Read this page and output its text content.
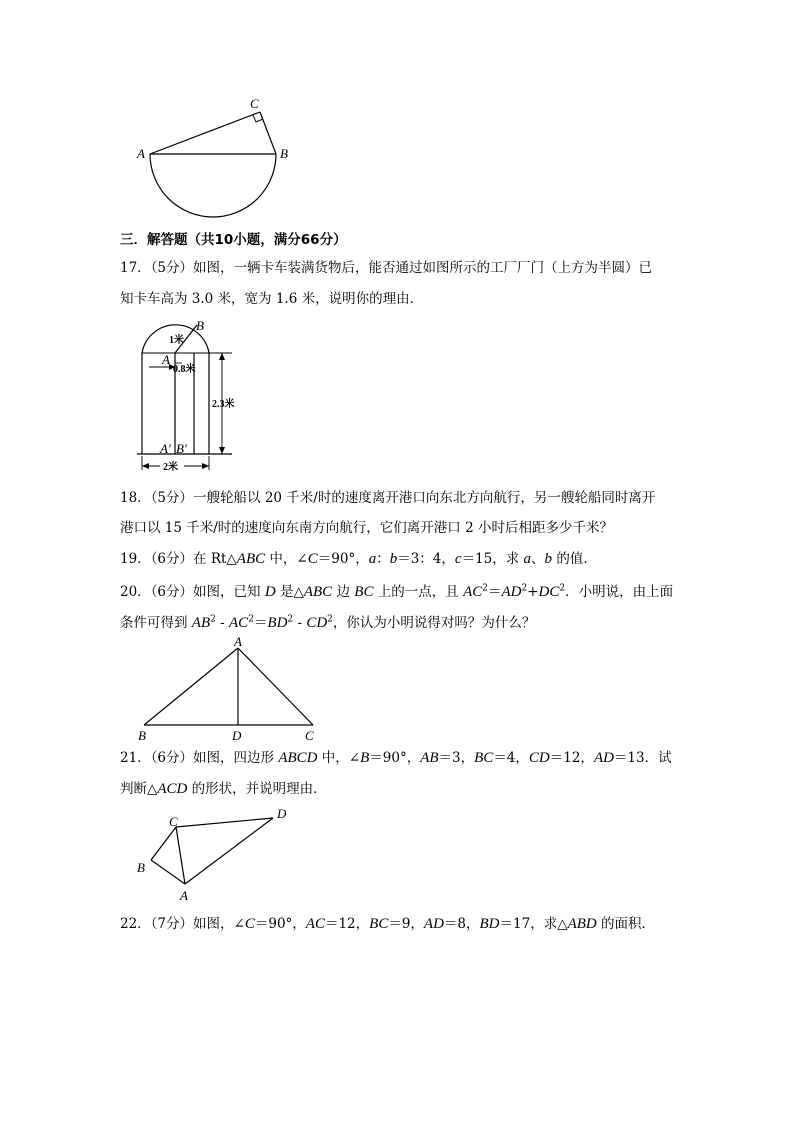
A	B
C
三．解答题（共10小题，满分66分）
17．（5分）如图，一辆卡车装满货物后，能否通过如图所示的工厂厂门（上方为半圆）已
知卡车高为 3.0 米，宽为 1.6 米，说明你的理由．
B
A
A′ B′
1米
0.8米
2.3米
2米
18．（5分）一艘轮船以 20 千米/时的速度离开港口向东北方向航行，另一艘轮船同时离开
港口以 15 千米/时的速度向东南方向航行，它们离开港口 2 小时后相距多少千米？
19．（6分）在 Rt△ABC 中，∠C＝90°，a：b＝3：4，c＝15，求 a、b 的值．
20．（6分）如图，已知 D 是△ABC 边 BC 上的一点，且 $AC^2=AD^2+DC^2$．小明说，由上面
条件可得到 $AB^2 - AC^2=BD^2 - CD^2$，你认为小明说得对吗？为什么？
A
B	D	C
21．（6分）如图，四边形 ABCD 中，∠B＝90°，AB＝3，BC＝4，CD＝12，AD＝13．试
判断△ACD 的形状，并说明理由．
C
D
B
A
22．（7分）如图，∠C＝90°，AC＝12，BC＝9，AD＝8，BD＝17，求△ABD 的面积．
